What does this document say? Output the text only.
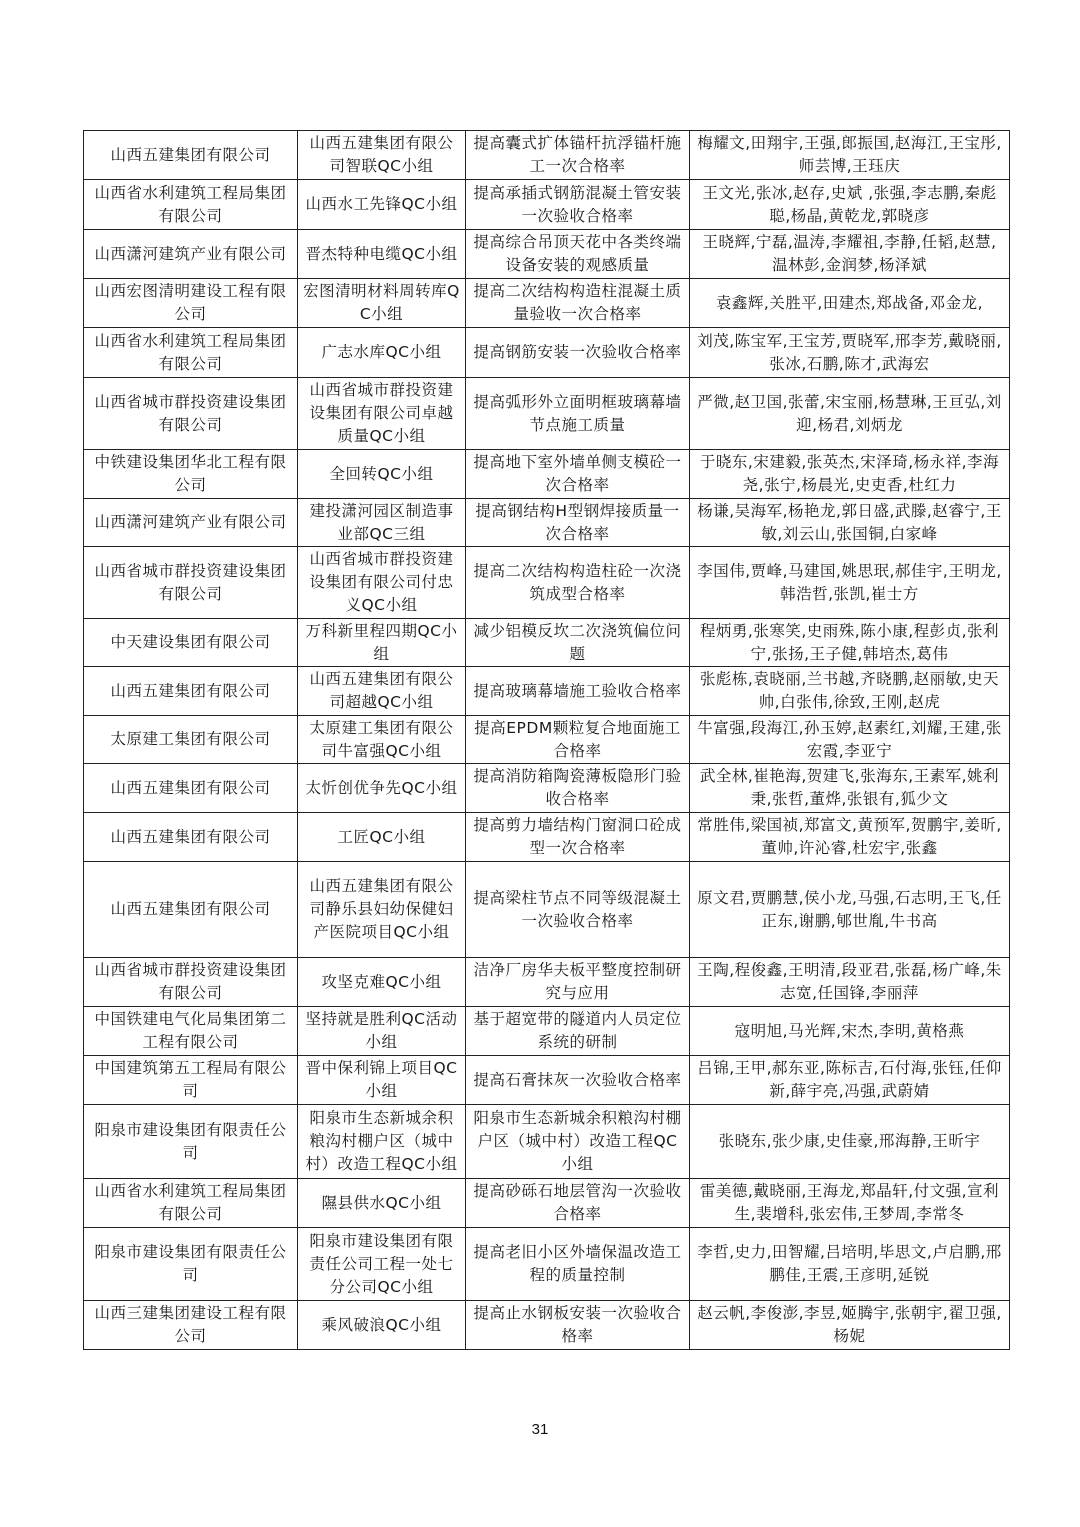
山西五建集团有限公司	山西五建集团有限公司智联QC小组	提高囊式扩体锚杆抗浮锚杆施工一次合格率	梅耀文,田翔宇,王强,郎振国,赵海江,王宝彤,师芸博,王珏庆
山西省水利建筑工程局集团有限公司	山西水工先锋QC小组	提高承插式钢筋混凝土管安装一次验收合格率	王文光,张冰,赵存,史斌 ,张强,李志鹏,秦彪聪,杨晶,黄乾龙,郭晓彦
山西潇河建筑产业有限公司	晋杰特种电缆QC小组	提高综合吊顶天花中各类终端设备安装的观感质量	王晓辉,宁磊,温涛,李耀祖,李静,任韬,赵慧,温林彭,金润梦,杨泽斌
山西宏图清明建设工程有限公司	宏图清明材料周转库QC小组	提高二次结构构造柱混凝土质量验收一次合格率	袁鑫辉,关胜平,田建杰,郑战备,邓金龙,
山西省水利建筑工程局集团有限公司	广志水库QC小组	提高钢筋安装一次验收合格率	刘茂,陈宝军,王宝芳,贾晓军,邢李芳,戴晓丽,张冰,石鹏,陈才,武海宏
山西省城市群投资建设集团有限公司	山西省城市群投资建设集团有限公司卓越质量QC小组	提高弧形外立面明框玻璃幕墙节点施工质量	严微,赵卫国,张蕾,宋宝丽,杨慧琳,王亘弘,刘迎,杨君,刘炳龙
中铁建设集团华北工程有限公司	全回转QC小组	提高地下室外墙单侧支模砼一次合格率	于晓东,宋建毅,张英杰,宋泽琦,杨永祥,李海尧,张宁,杨晨光,史吏香,杜红力
山西潇河建筑产业有限公司	建投潇河园区制造事业部QC三组	提高钢结构H型钢焊接质量一次合格率	杨谦,吴海军,杨艳龙,郭日盛,武滕,赵睿宁,王敏,刘云山,张国铜,白家峰
山西省城市群投资建设集团有限公司	山西省城市群投资建设集团有限公司付忠义QC小组	提高二次结构构造柱砼一次浇筑成型合格率	李国伟,贾峰,马建国,姚思珉,郝佳宇,王明龙,韩浩哲,张凯,崔士方
中天建设集团有限公司	万科新里程四期QC小组	减少铝模反坎二次浇筑偏位问题	程炳勇,张寒笑,史雨殊,陈小康,程彭贞,张利宁,张扬,王子健,韩培杰,葛伟
山西五建集团有限公司	山西五建集团有限公司超越QC小组	提高玻璃幕墙施工验收合格率	张彪栋,袁晓丽,兰书越,齐晓鹏,赵丽敏,史天帅,白张伟,徐致,王刚,赵虎
太原建工集团有限公司	太原建工集团有限公司牛富强QC小组	提高EPDM颗粒复合地面施工合格率	牛富强,段海江,孙玉婷,赵素红,刘耀,王建,张宏霞,李亚宁
山西五建集团有限公司	太忻创优争先QC小组	提高消防箱陶瓷薄板隐形门验收合格率	武全林,崔艳海,贺建飞,张海东,王素军,姚利秉,张哲,董烨,张银有,狐少文
山西五建集团有限公司	工匠QC小组	提高剪力墙结构门窗洞口砼成型一次合格率	常胜伟,梁国祯,郑富文,黄预军,贺鹏宇,姜昕,董帅,许沁睿,杜宏宇,张鑫
山西五建集团有限公司	山西五建集团有限公司静乐县妇幼保健妇产医院项目QC小组	提高梁柱节点不同等级混凝土一次验收合格率	原文君,贾鹏慧,侯小龙,马强,石志明,王飞,任正东,谢鹏,郇世胤,牛书高
山西省城市群投资建设集团有限公司	攻坚克难QC小组	洁净厂房华夫板平整度控制研究与应用	王陶,程俊鑫,王明清,段亚君,张磊,杨广峰,朱志宽,任国锋,李丽萍
中国铁建电气化局集团第二工程有限公司	坚持就是胜利QC活动小组	基于超宽带的隧道内人员定位系统的研制	寇明旭,马光辉,宋杰,李明,黄格燕
中国建筑第五工程局有限公司	晋中保利锦上项目QC小组	提高石膏抹灰一次验收合格率	吕锦,王甲,郝东亚,陈标吉,石付海,张钰,任仰新,薛宇亮,冯强,武蔚婧
阳泉市建设集团有限责任公司	阳泉市生态新城余积粮沟村棚户区（城中村）改造工程QC小组	阳泉市生态新城余积粮沟村棚户区（城中村）改造工程QC小组	张晓东,张少康,史佳豪,邢海静,王昕宇
山西省水利建筑工程局集团有限公司	隰县供水QC小组	提高砂砾石地层管沟一次验收合格率	雷美德,戴晓丽,王海龙,郑晶轩,付文强,宣利生,裴增科,张宏伟,王梦周,李常冬
阳泉市建设集团有限责任公司	阳泉市建设集团有限责任公司工程一处七分公司QC小组	提高老旧小区外墙保温改造工程的质量控制	李哲,史力,田智耀,吕培明,毕思文,卢启鹏,邢鹏佳,王震,王彦明,延锐
山西三建集团建设工程有限公司	乘风破浪QC小组	提高止水钢板安装一次验收合格率	赵云帆,李俊澎,李昱,姬腾宇,张朝宇,翟卫强,杨妮
31
